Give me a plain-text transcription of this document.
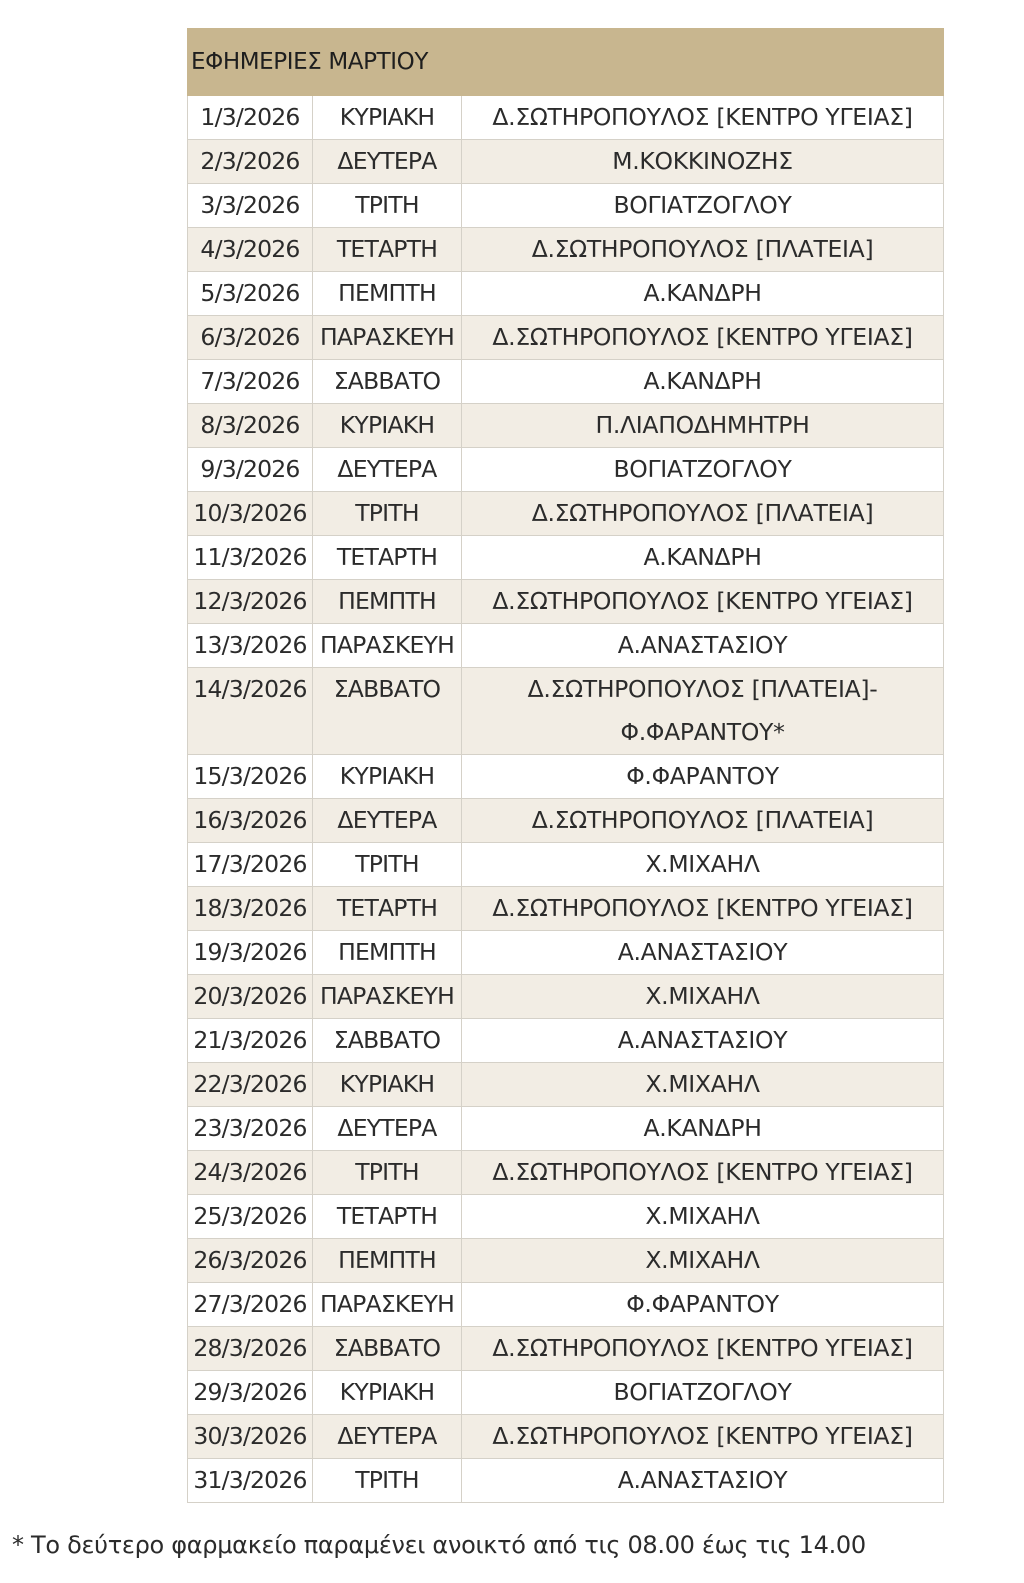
ΕΦΗΜΕΡΙΕΣ ΜΑΡΤΙΟΥ		
1/3/2026	ΚΥΡΙΑΚΗ	Δ.ΣΩΤΗΡΟΠΟΥΛΟΣ [ΚΕΝΤΡΟ ΥΓΕΙΑΣ]
2/3/2026	ΔΕΥΤΕΡΑ	Μ.ΚΟΚΚΙΝΟΖΗΣ
3/3/2026	ΤΡΙΤΗ	ΒΟΓΙΑΤΖΟΓΛΟΥ
4/3/2026	ΤΕΤΑΡΤΗ	Δ.ΣΩΤΗΡΟΠΟΥΛΟΣ [ΠΛΑΤΕΙΑ]
5/3/2026	ΠΕΜΠΤΗ	Α.ΚΑΝΔΡΗ
6/3/2026	ΠΑΡΑΣΚΕΥΗ	Δ.ΣΩΤΗΡΟΠΟΥΛΟΣ [ΚΕΝΤΡΟ ΥΓΕΙΑΣ]
7/3/2026	ΣΑΒΒΑΤΟ	Α.ΚΑΝΔΡΗ
8/3/2026	ΚΥΡΙΑΚΗ	Π.ΛΙΑΠΟΔΗΜΗΤΡΗ
9/3/2026	ΔΕΥΤΕΡΑ	ΒΟΓΙΑΤΖΟΓΛΟΥ
10/3/2026	ΤΡΙΤΗ	Δ.ΣΩΤΗΡΟΠΟΥΛΟΣ [ΠΛΑΤΕΙΑ]
11/3/2026	ΤΕΤΑΡΤΗ	Α.ΚΑΝΔΡΗ
12/3/2026	ΠΕΜΠΤΗ	Δ.ΣΩΤΗΡΟΠΟΥΛΟΣ [ΚΕΝΤΡΟ ΥΓΕΙΑΣ]
13/3/2026	ΠΑΡΑΣΚΕΥΗ	Α.ΑΝΑΣΤΑΣΙΟΥ
14/3/2026	ΣΑΒΒΑΤΟ	Δ.ΣΩΤΗΡΟΠΟΥΛΟΣ [ΠΛΑΤΕΙΑ]-Φ.ΦΑΡΑΝΤΟΥ*
15/3/2026	ΚΥΡΙΑΚΗ	Φ.ΦΑΡΑΝΤΟΥ
16/3/2026	ΔΕΥΤΕΡΑ	Δ.ΣΩΤΗΡΟΠΟΥΛΟΣ [ΠΛΑΤΕΙΑ]
17/3/2026	ΤΡΙΤΗ	Χ.ΜΙΧΑΗΛ
18/3/2026	ΤΕΤΑΡΤΗ	Δ.ΣΩΤΗΡΟΠΟΥΛΟΣ [ΚΕΝΤΡΟ ΥΓΕΙΑΣ]
19/3/2026	ΠΕΜΠΤΗ	Α.ΑΝΑΣΤΑΣΙΟΥ
20/3/2026	ΠΑΡΑΣΚΕΥΗ	Χ.ΜΙΧΑΗΛ
21/3/2026	ΣΑΒΒΑΤΟ	Α.ΑΝΑΣΤΑΣΙΟΥ
22/3/2026	ΚΥΡΙΑΚΗ	Χ.ΜΙΧΑΗΛ
23/3/2026	ΔΕΥΤΕΡΑ	Α.ΚΑΝΔΡΗ
24/3/2026	ΤΡΙΤΗ	Δ.ΣΩΤΗΡΟΠΟΥΛΟΣ [ΚΕΝΤΡΟ ΥΓΕΙΑΣ]
25/3/2026	ΤΕΤΑΡΤΗ	Χ.ΜΙΧΑΗΛ
26/3/2026	ΠΕΜΠΤΗ	Χ.ΜΙΧΑΗΛ
27/3/2026	ΠΑΡΑΣΚΕΥΗ	Φ.ΦΑΡΑΝΤΟΥ
28/3/2026	ΣΑΒΒΑΤΟ	Δ.ΣΩΤΗΡΟΠΟΥΛΟΣ [ΚΕΝΤΡΟ ΥΓΕΙΑΣ]
29/3/2026	ΚΥΡΙΑΚΗ	ΒΟΓΙΑΤΖΟΓΛΟΥ
30/3/2026	ΔΕΥΤΕΡΑ	Δ.ΣΩΤΗΡΟΠΟΥΛΟΣ [ΚΕΝΤΡΟ ΥΓΕΙΑΣ]
31/3/2026	ΤΡΙΤΗ	Α.ΑΝΑΣΤΑΣΙΟΥ
* Το δεύτερο φαρμακείο παραμένει ανοικτό από τις 08.00 έως τις 14.00
